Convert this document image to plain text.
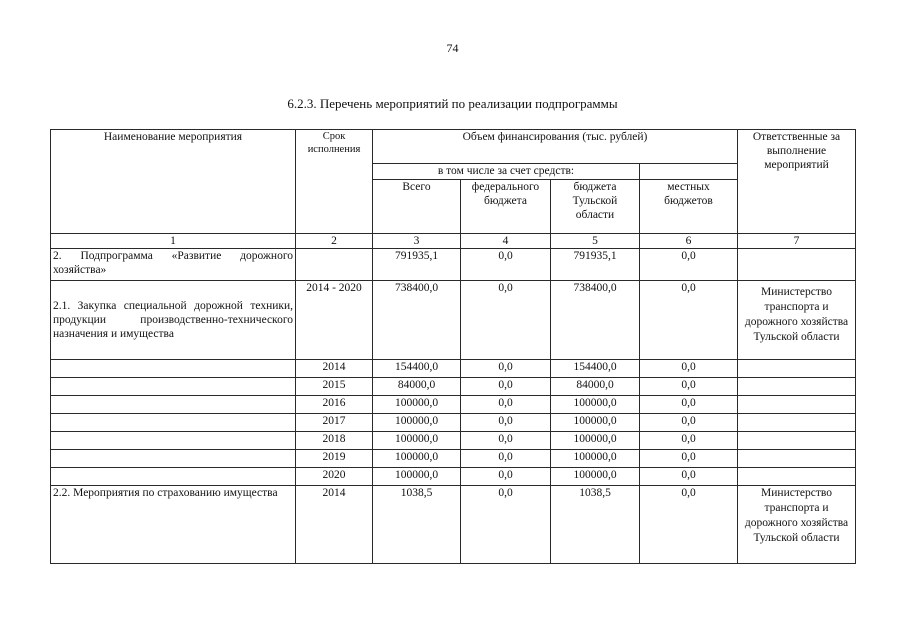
74
6.2.3. Перечень мероприятий по реализации подпрограммы
Наименование мероприятия	Срок исполнения	Объем финансирования (тыс. рублей)				Ответственные за выполнение мероприятий
		в том числе за счет средств:				
		Всего	федерального бюджета	бюджета Тульской области	местных бюджетов	
1	2	3	4	5	6	7
2. Подпрограмма «Развитие дорожного хозяйства»		791935,1	0,0	791935,1	0,0	
2.1. Закупка специальной дорожной техники, продукции производственно-технического назначения и имущества	2014 - 2020	738400,0	0,0	738400,0	0,0	Министерство транспорта и дорожного хозяйства Тульской области
	2014	154400,0	0,0	154400,0	0,0	
	2015	84000,0	0,0	84000,0	0,0	
	2016	100000,0	0,0	100000,0	0,0	
	2017	100000,0	0,0	100000,0	0,0	
	2018	100000,0	0,0	100000,0	0,0	
	2019	100000,0	0,0	100000,0	0,0	
	2020	100000,0	0,0	100000,0	0,0	
2.2. Мероприятия по страхованию имущества	2014	1038,5	0,0	1038,5	0,0	Министерство транспорта и дорожного хозяйства Тульской области
